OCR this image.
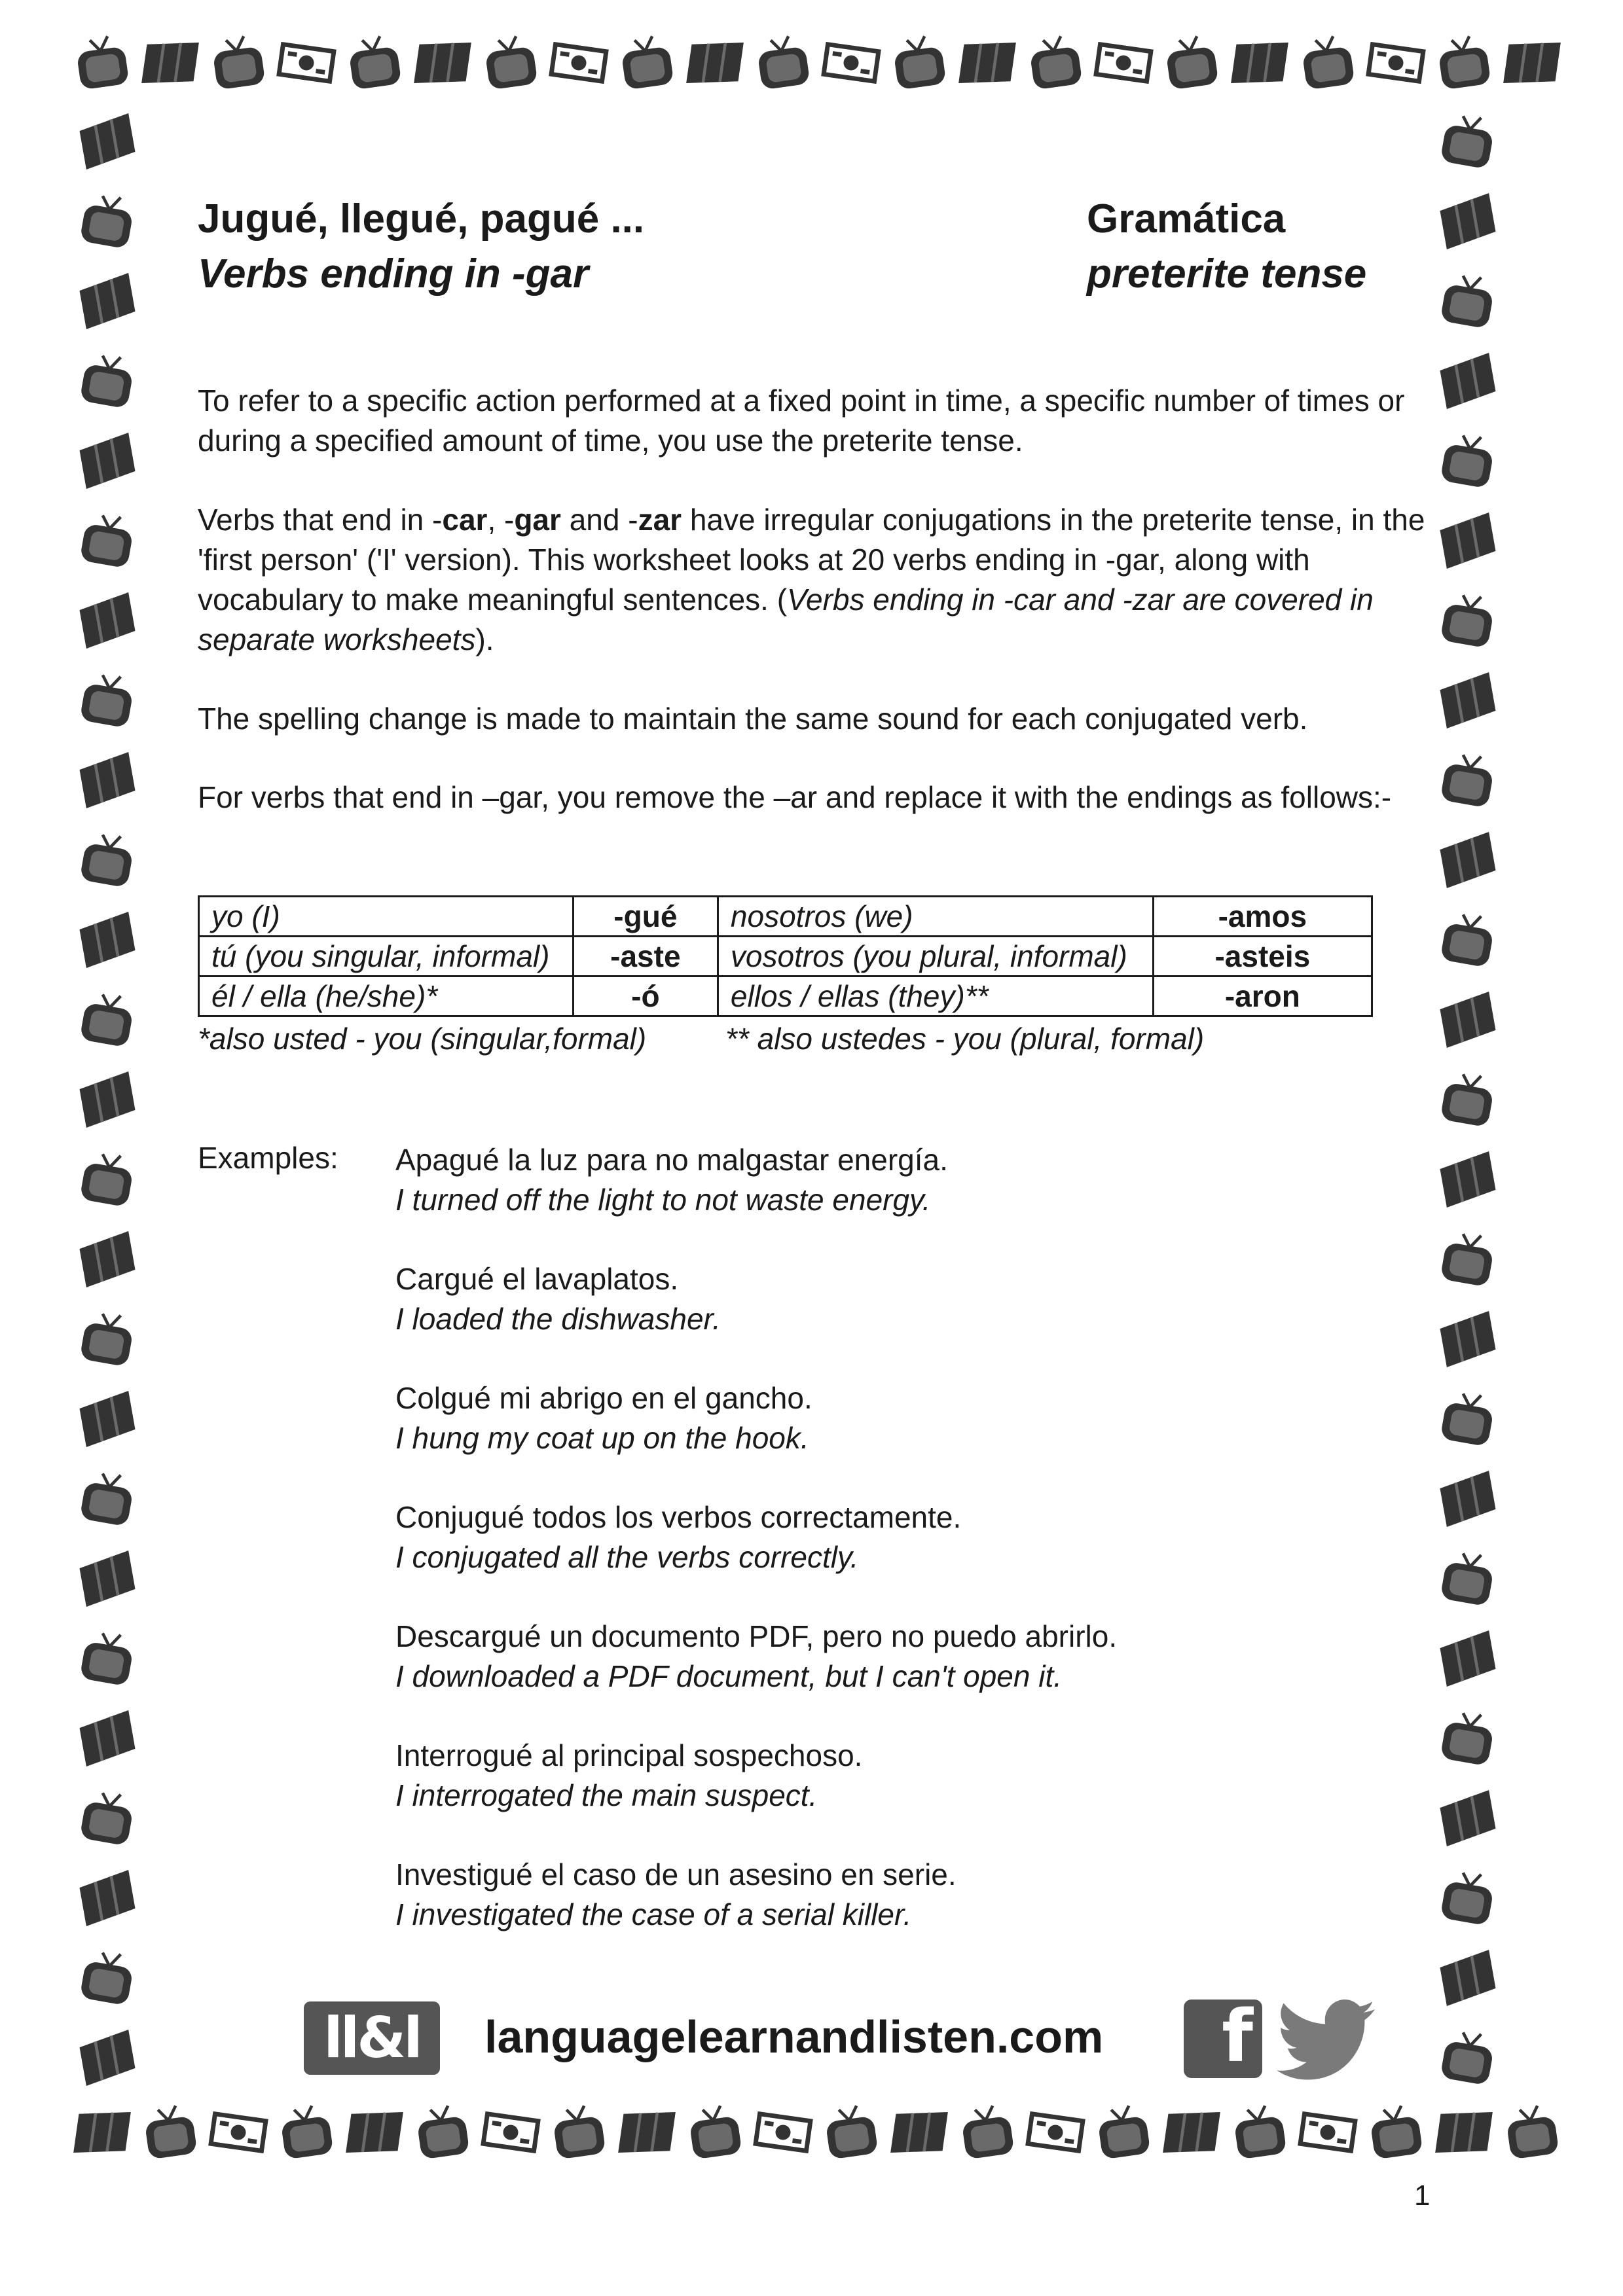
Jugué, llegué, pagué ...
Verbs ending in -gar
Gramática
preterite tense
To refer to a specific action performed at a fixed point in time, a specific number of times or during a specified amount of time, you use the preterite tense.
Verbs that end in -car, -gar and -zar have irregular conjugations in the preterite tense, in the 'first person' ('I' version). This worksheet looks at 20 verbs ending in -gar, along with vocabulary to make meaningful sentences. (Verbs ending in -car and -zar are covered in separate worksheets).
The spelling change is made to maintain the same sound for each conjugated verb.
For verbs that end in –gar, you remove the –ar and replace it with the endings as follows:-
yo (I)	-gué	nosotros (we)	-amos
tú (you singular, informal)	-aste	vosotros (you plural, informal)	-asteis
él / ella (he/she)*	-ó	ellos / ellas (they)**	-aron
*also usted - you (singular,formal)	** also ustedes - you (plural, formal)
Examples: Apagué la luz para no malgastar energía.
I turned off the light to not waste energy.
Cargué el lavaplatos.
I loaded the dishwasher.
Colgué mi abrigo en el gancho.
I hung my coat up on the hook.
Conjugué todos los verbos correctamente.
I conjugated all the verbs correctly.
Descargué un documento PDF, pero no puedo abrirlo.
I downloaded a PDF document, but I can't open it.
Interrogué al principal sospechoso.
I interrogated the main suspect.
Investigué el caso de un asesino en serie.
I investigated the case of a serial killer.
ll&l	languagelearnandlisten.com	f
1
